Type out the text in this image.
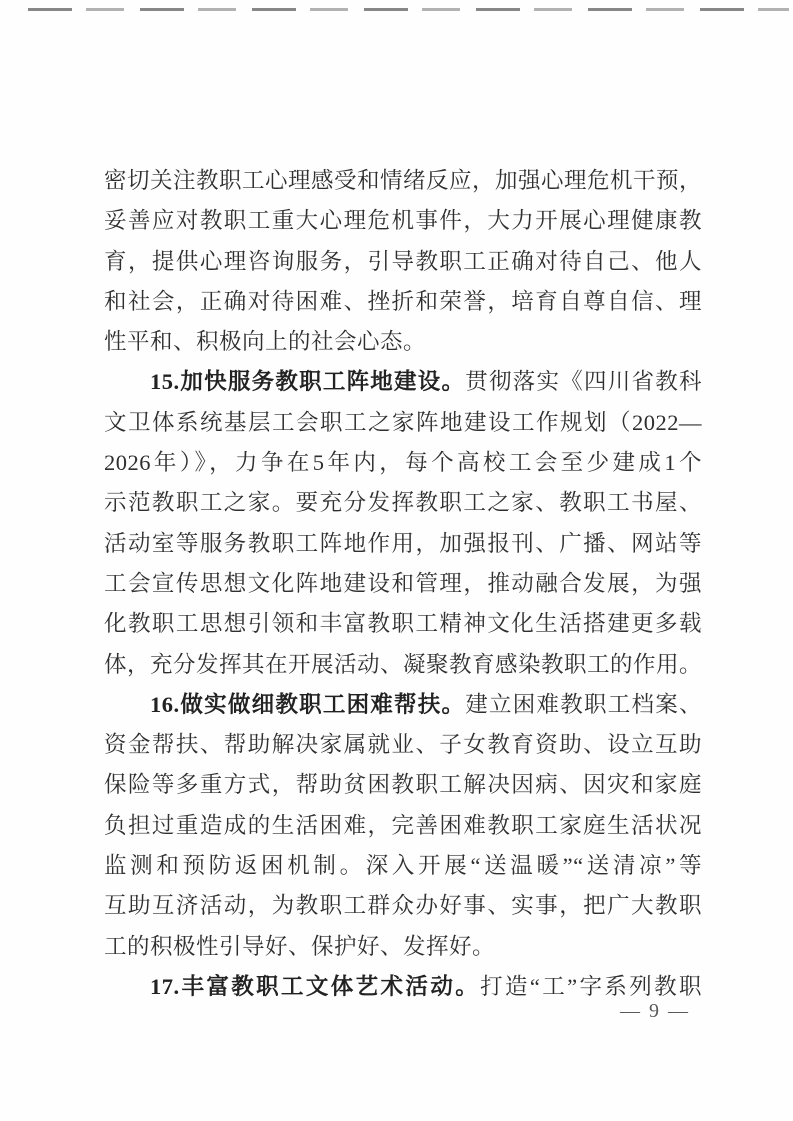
密切关注教职工心理感受和情绪反应，加强心理危机干预，

妥善应对教职工重大心理危机事件，大力开展心理健康教

育，提供心理咨询服务，引导教职工正确对待自己、他人

和社会，正确对待困难、挫折和荣誉，培育自尊自信、理

性平和、积极向上的社会心态。

15.加快服务教职工阵地建设。贯彻落实《四川省教科

文卫体系统基层工会职工之家阵地建设工作规划（2022—

2026年）》，力争在5年内，每个高校工会至少建成1个

示范教职工之家。要充分发挥教职工之家、教职工书屋、

活动室等服务教职工阵地作用，加强报刊、广播、网站等

工会宣传思想文化阵地建设和管理，推动融合发展，为强

化教职工思想引领和丰富教职工精神文化生活搭建更多载

体，充分发挥其在开展活动、凝聚教育感染教职工的作用。

16.做实做细教职工困难帮扶。建立困难教职工档案、

资金帮扶、帮助解决家属就业、子女教育资助、设立互助

保险等多重方式，帮助贫困教职工解决因病、因灾和家庭

负担过重造成的生活困难，完善困难教职工家庭生活状况

监测和预防返困机制。深入开展“送温暖”“送清凉”等

互助互济活动，为教职工群众办好事、实事，把广大教职

工的积极性引导好、保护好、发挥好。

17.丰富教职工文体艺术活动。打造“工”字系列教职

— 9 —
